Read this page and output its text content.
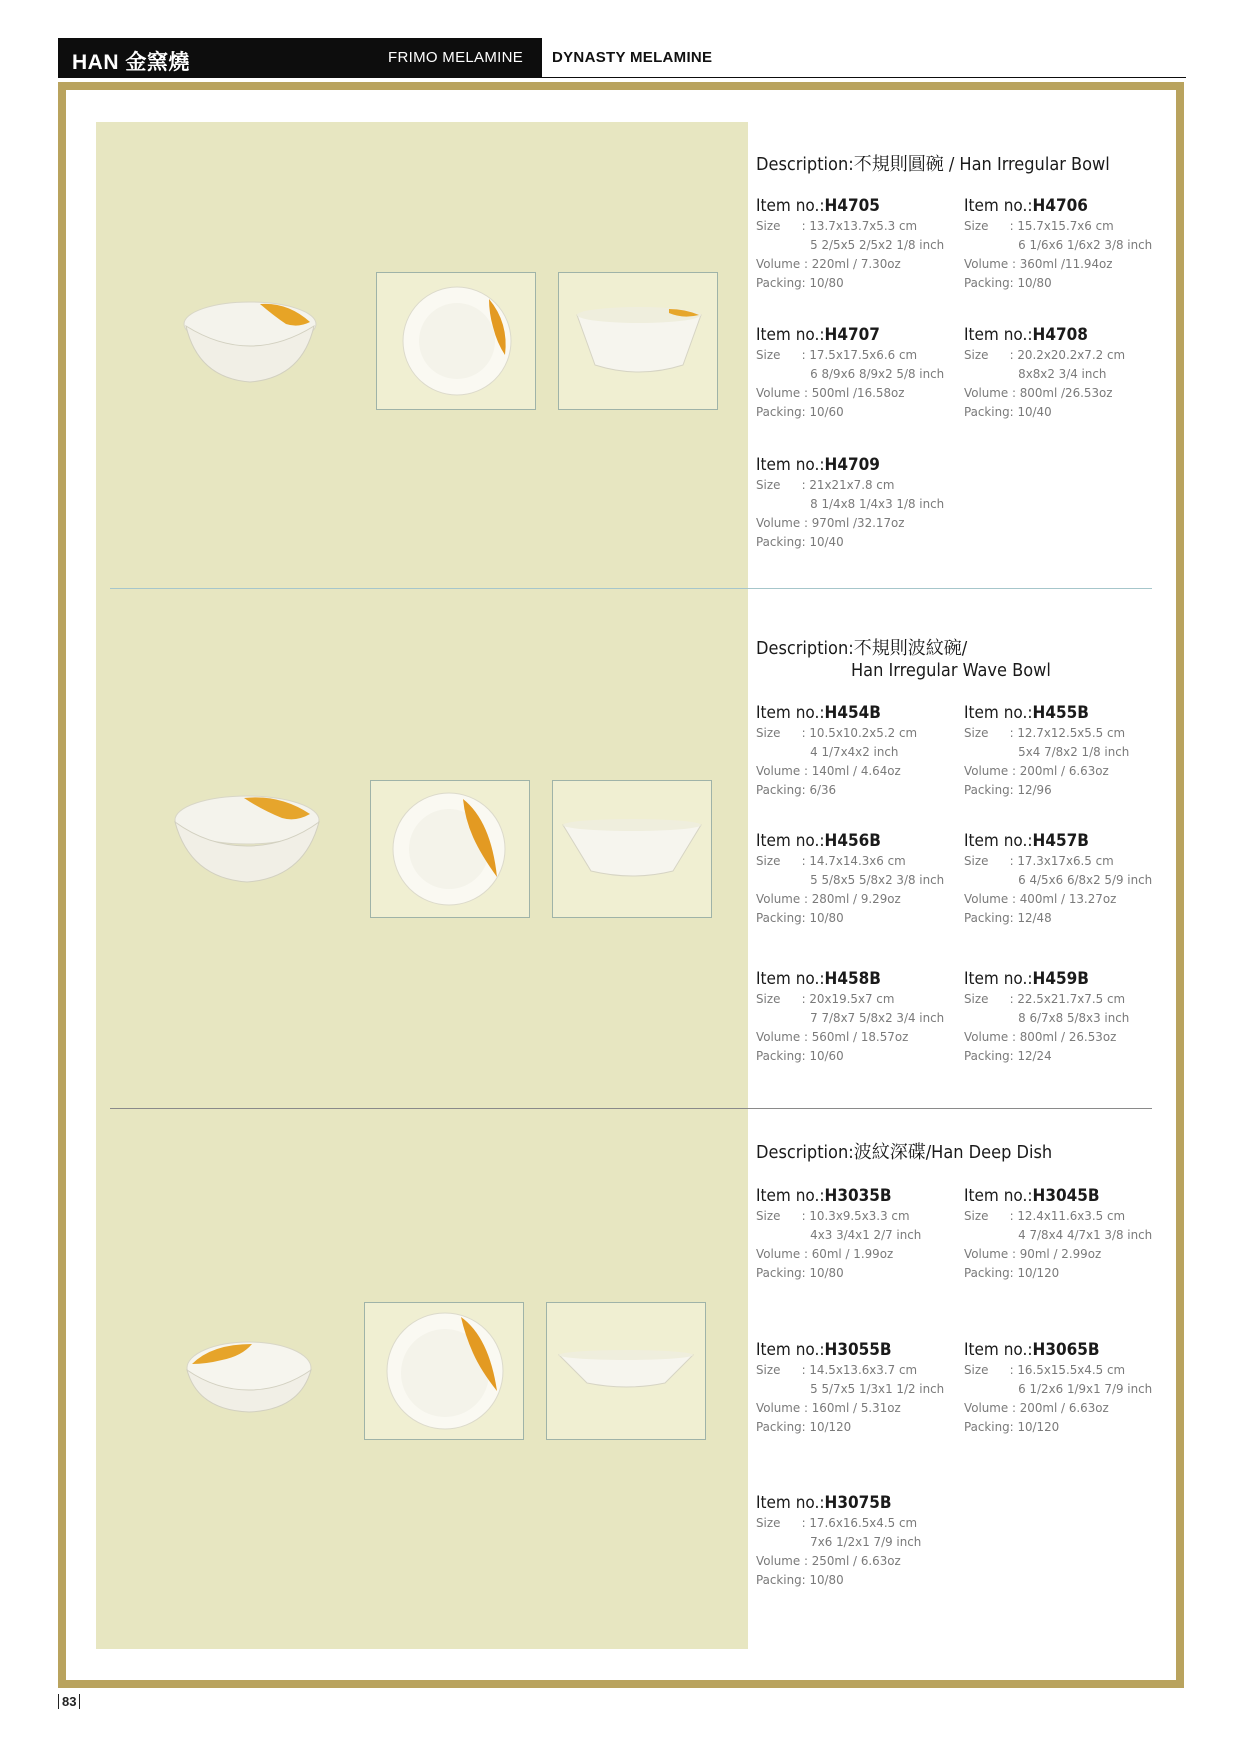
HAN 金窯燒	FRIMO MELAMINE DYNASTY MELAMINE
Description:不規則圓碗 / Han Irregular Bowl
Item no.:H4705
Size : 13.7x13.7x5.3 cm
5 2/5x5 2/5x2 1/8 inch
Volume : 220ml / 7.30oz
Packing: 10/80
Item no.:H4706
Size : 15.7x15.7x6 cm
6 1/6x6 1/6x2 3/8 inch
Volume : 360ml /11.94oz
Packing: 10/80
Item no.:H4707
Size : 17.5x17.5x6.6 cm
6 8/9x6 8/9x2 5/8 inch
Volume : 500ml /16.58oz
Packing: 10/60
Item no.:H4708
Size : 20.2x20.2x7.2 cm
8x8x2 3/4 inch
Volume : 800ml /26.53oz
Packing: 10/40
Item no.:H4709
Size : 21x21x7.8 cm
8 1/4x8 1/4x3 1/8 inch
Volume : 970ml /32.17oz
Packing: 10/40
Description:不規則波紋碗/
Han Irregular Wave Bowl
Item no.:H454B
Size : 10.5x10.2x5.2 cm
4 1/7x4x2 inch
Volume : 140ml / 4.64oz
Packing: 6/36
Item no.:H455B
Size : 12.7x12.5x5.5 cm
5x4 7/8x2 1/8 inch
Volume : 200ml / 6.63oz
Packing: 12/96
Item no.:H456B
Size : 14.7x14.3x6 cm
5 5/8x5 5/8x2 3/8 inch
Volume : 280ml / 9.29oz
Packing: 10/80
Item no.:H457B
Size : 17.3x17x6.5 cm
6 4/5x6 6/8x2 5/9 inch
Volume : 400ml / 13.27oz
Packing: 12/48
Item no.:H458B
Size : 20x19.5x7 cm
7 7/8x7 5/8x2 3/4 inch
Volume : 560ml / 18.57oz
Packing: 10/60
Item no.:H459B
Size : 22.5x21.7x7.5 cm
8 6/7x8 5/8x3 inch
Volume : 800ml / 26.53oz
Packing: 12/24
Description:波紋深碟/Han Deep Dish
Item no.:H3035B
Size : 10.3x9.5x3.3 cm
4x3 3/4x1 2/7 inch
Volume : 60ml / 1.99oz
Packing: 10/80
Item no.:H3045B
Size : 12.4x11.6x3.5 cm
4 7/8x4 4/7x1 3/8 inch
Volume : 90ml / 2.99oz
Packing: 10/120
Item no.:H3055B
Size : 14.5x13.6x3.7 cm
5 5/7x5 1/3x1 1/2 inch
Volume : 160ml / 5.31oz
Packing: 10/120
Item no.:H3065B
Size : 16.5x15.5x4.5 cm
6 1/2x6 1/9x1 7/9 inch
Volume : 200ml / 6.63oz
Packing: 10/120
Item no.:H3075B
Size : 17.6x16.5x4.5 cm
7x6 1/2x1 7/9 inch
Volume : 250ml / 6.63oz
Packing: 10/80
83
